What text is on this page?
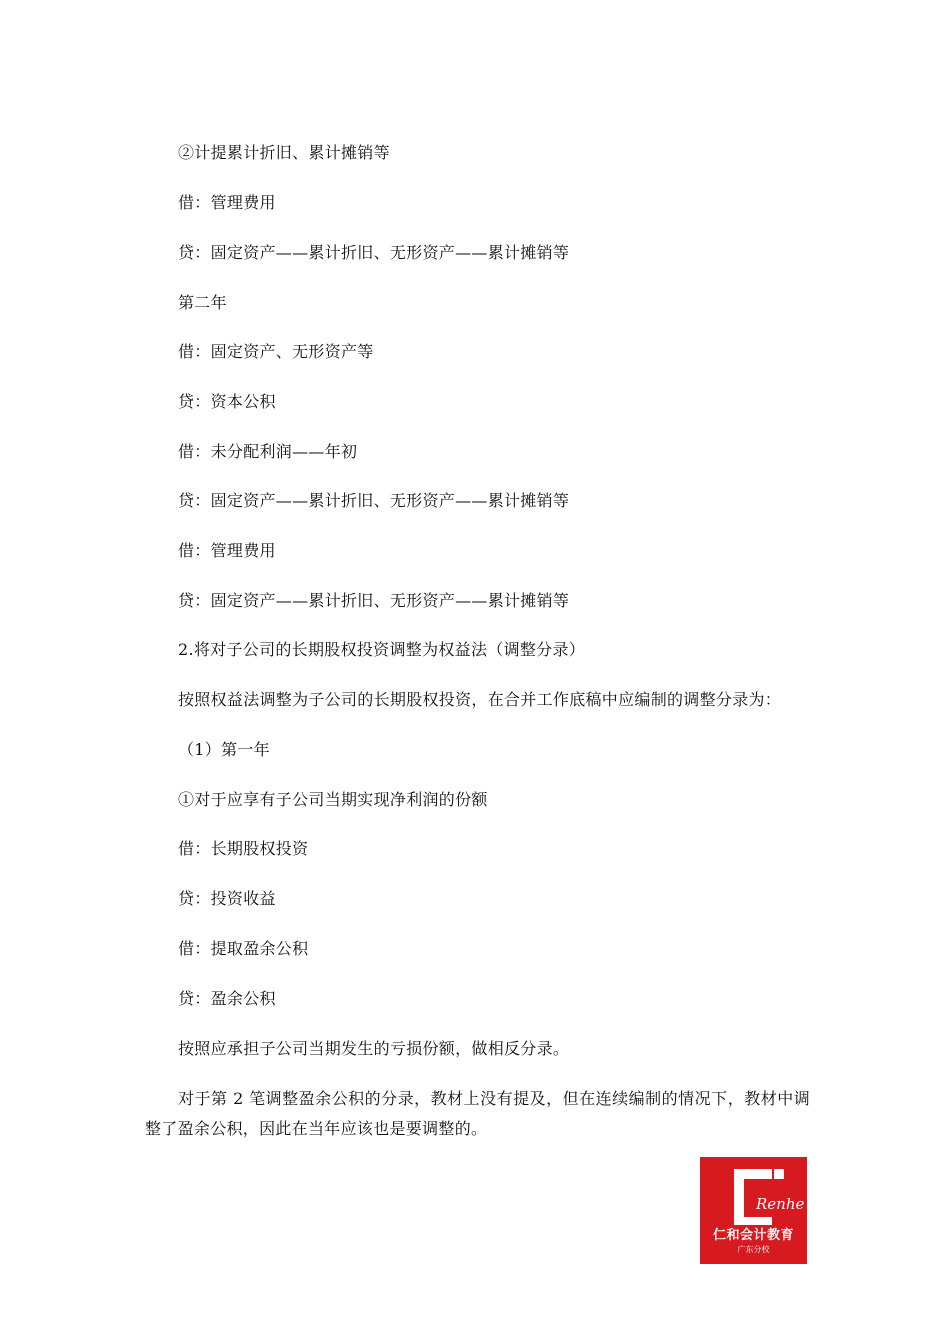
②计提累计折旧、累计摊销等
借：管理费用
贷：固定资产——累计折旧、无形资产——累计摊销等
第二年
借：固定资产、无形资产等
贷：资本公积
借：未分配利润——年初
贷：固定资产——累计折旧、无形资产——累计摊销等
借：管理费用
贷：固定资产——累计折旧、无形资产——累计摊销等
2.将对子公司的长期股权投资调整为权益法（调整分录）
按照权益法调整为子公司的长期股权投资，在合并工作底稿中应编制的调整分录为：
（1）第一年
①对于应享有子公司当期实现净利润的份额
借：长期股权投资
贷：投资收益
借：提取盈余公积
贷：盈余公积
按照应承担子公司当期发生的亏损份额，做相反分录。
对于第 2 笔调整盈余公积的分录，教材上没有提及，但在连续编制的情况下，教材中调整了盈余公积，因此在当年应该也是要调整的。
Renhe
仁和会计教育
广东分校
